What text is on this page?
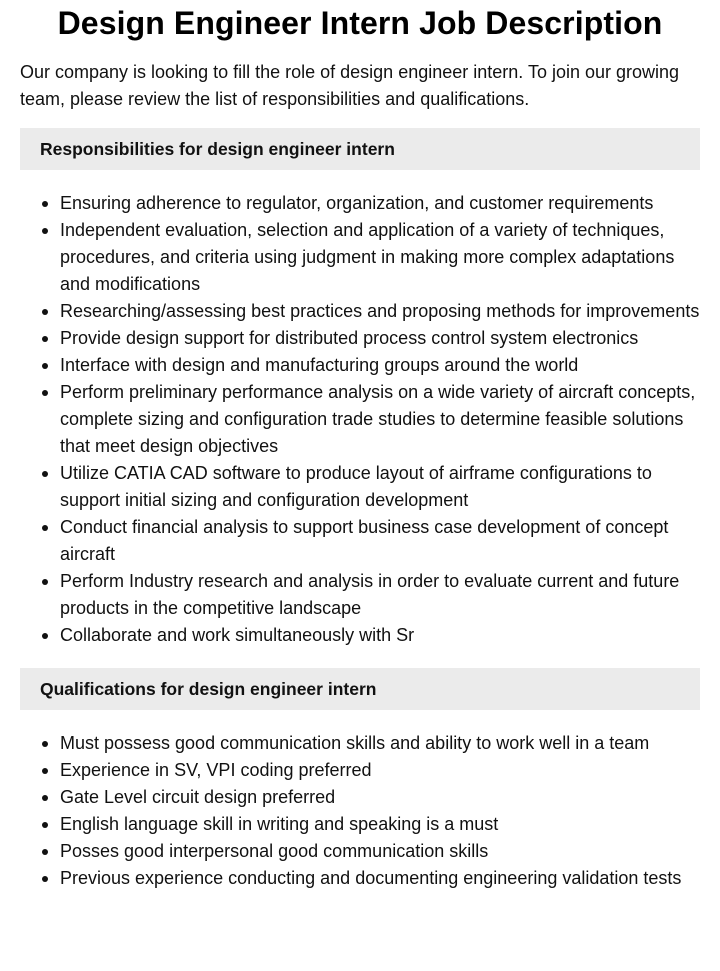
Design Engineer Intern Job Description

Our company is looking to fill the role of design engineer intern. To join our growing team, please review the list of responsibilities and qualifications.

Responsibilities for design engineer intern
Ensuring adherence to regulator, organization, and customer requirements
Independent evaluation, selection and application of a variety of techniques, procedures, and criteria using judgment in making more complex adaptations and modifications
Researching/assessing best practices and proposing methods for improvements
Provide design support for distributed process control system electronics
Interface with design and manufacturing groups around the world
Perform preliminary performance analysis on a wide variety of aircraft concepts, complete sizing and configuration trade studies to determine feasible solutions that meet design objectives
Utilize CATIA CAD software to produce layout of airframe configurations to support initial sizing and configuration development
Conduct financial analysis to support business case development of concept aircraft
Perform Industry research and analysis in order to evaluate current and future products in the competitive landscape
Collaborate and work simultaneously with Sr
Qualifications for design engineer intern
Must possess good communication skills and ability to work well in a team
Experience in SV, VPI coding preferred
Gate Level circuit design preferred
English language skill in writing and speaking is a must
Posses good interpersonal good communication skills
Previous experience conducting and documenting engineering validation tests
